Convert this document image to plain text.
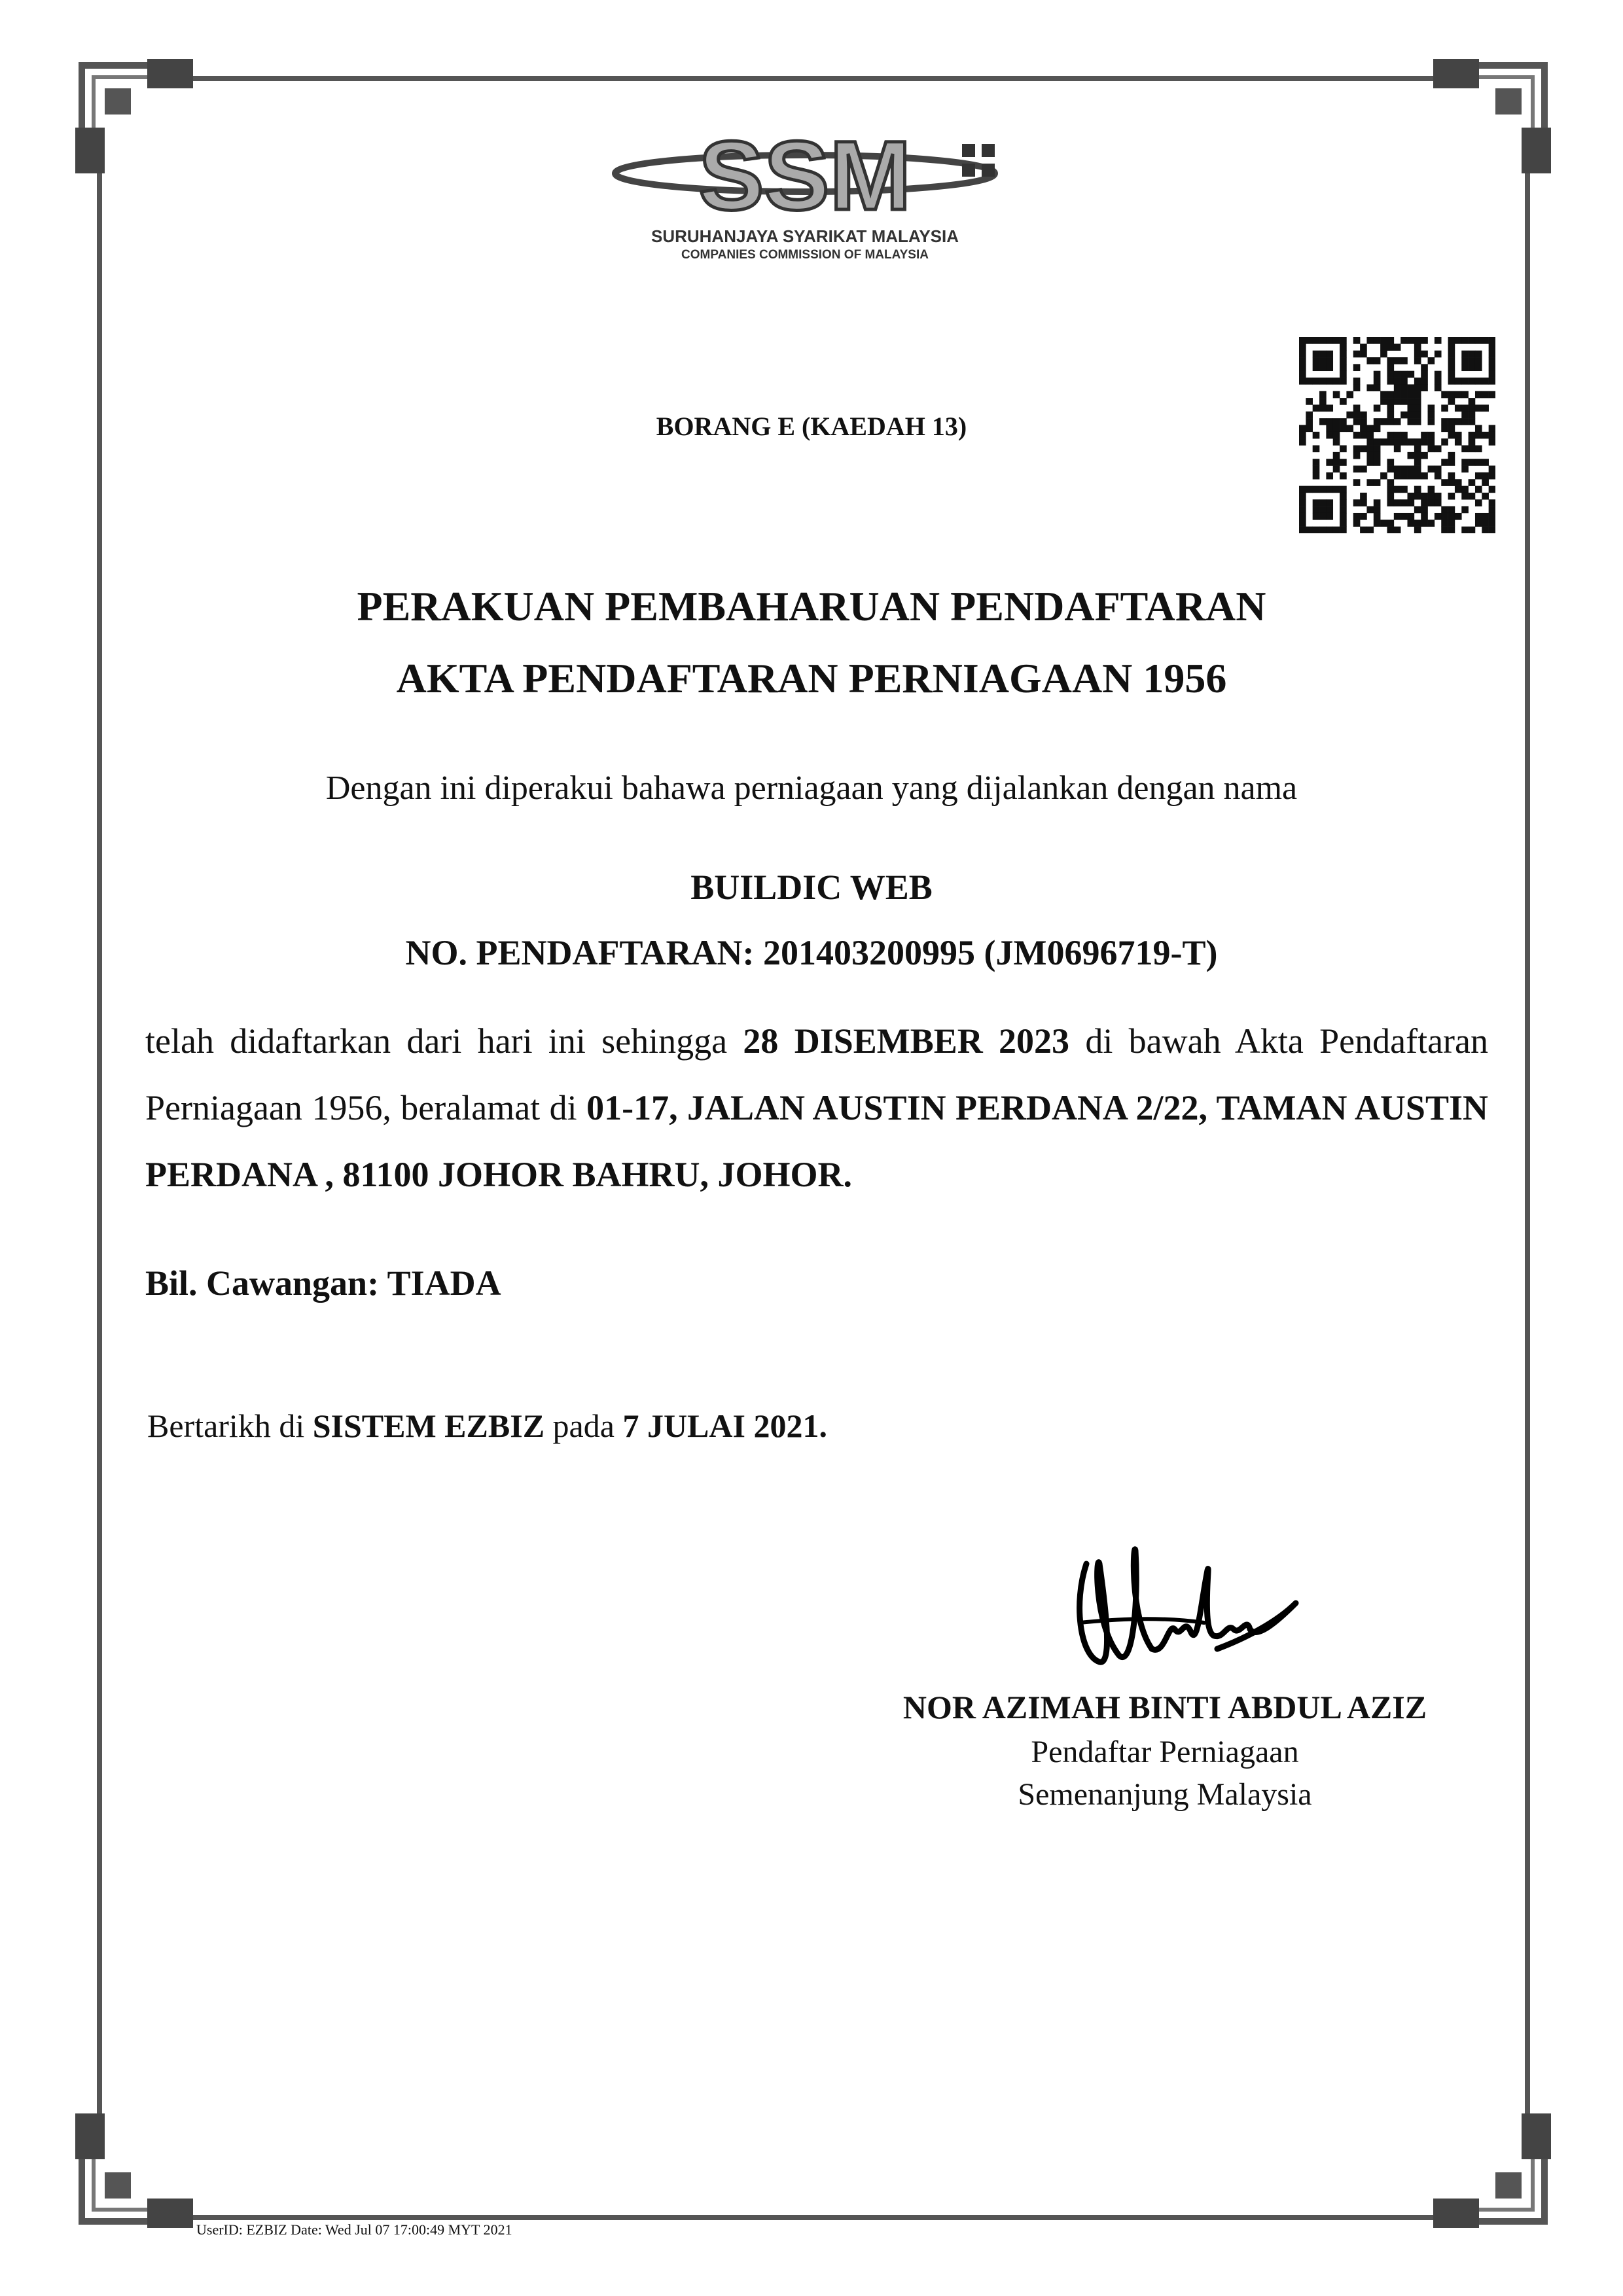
SSM
SURUHANJAYA SYARIKAT MALAYSIA
COMPANIES COMMISSION OF MALAYSIA
BORANG E (KAEDAH 13)
PERAKUAN PEMBAHARUAN PENDAFTARAN
AKTA PENDAFTARAN PERNIAGAAN 1956
Dengan ini diperakui bahawa perniagaan yang dijalankan dengan nama
BUILDIC WEB
NO. PENDAFTARAN: 201403200995 (JM0696719-T)
telah didaftarkan dari hari ini sehingga 28 DISEMBER 2023 di bawah Akta Pendaftaran Perniagaan 1956, beralamat di 01-17, JALAN AUSTIN PERDANA 2/22, TAMAN AUSTIN PERDANA , 81100 JOHOR BAHRU, JOHOR.
Bil. Cawangan: TIADA
Bertarikh di SISTEM EZBIZ pada 7 JULAI 2021.
NOR AZIMAH BINTI ABDUL AZIZ
Pendaftar Perniagaan
Semenanjung Malaysia
UserID: EZBIZ Date: Wed Jul 07 17:00:49 MYT 2021
